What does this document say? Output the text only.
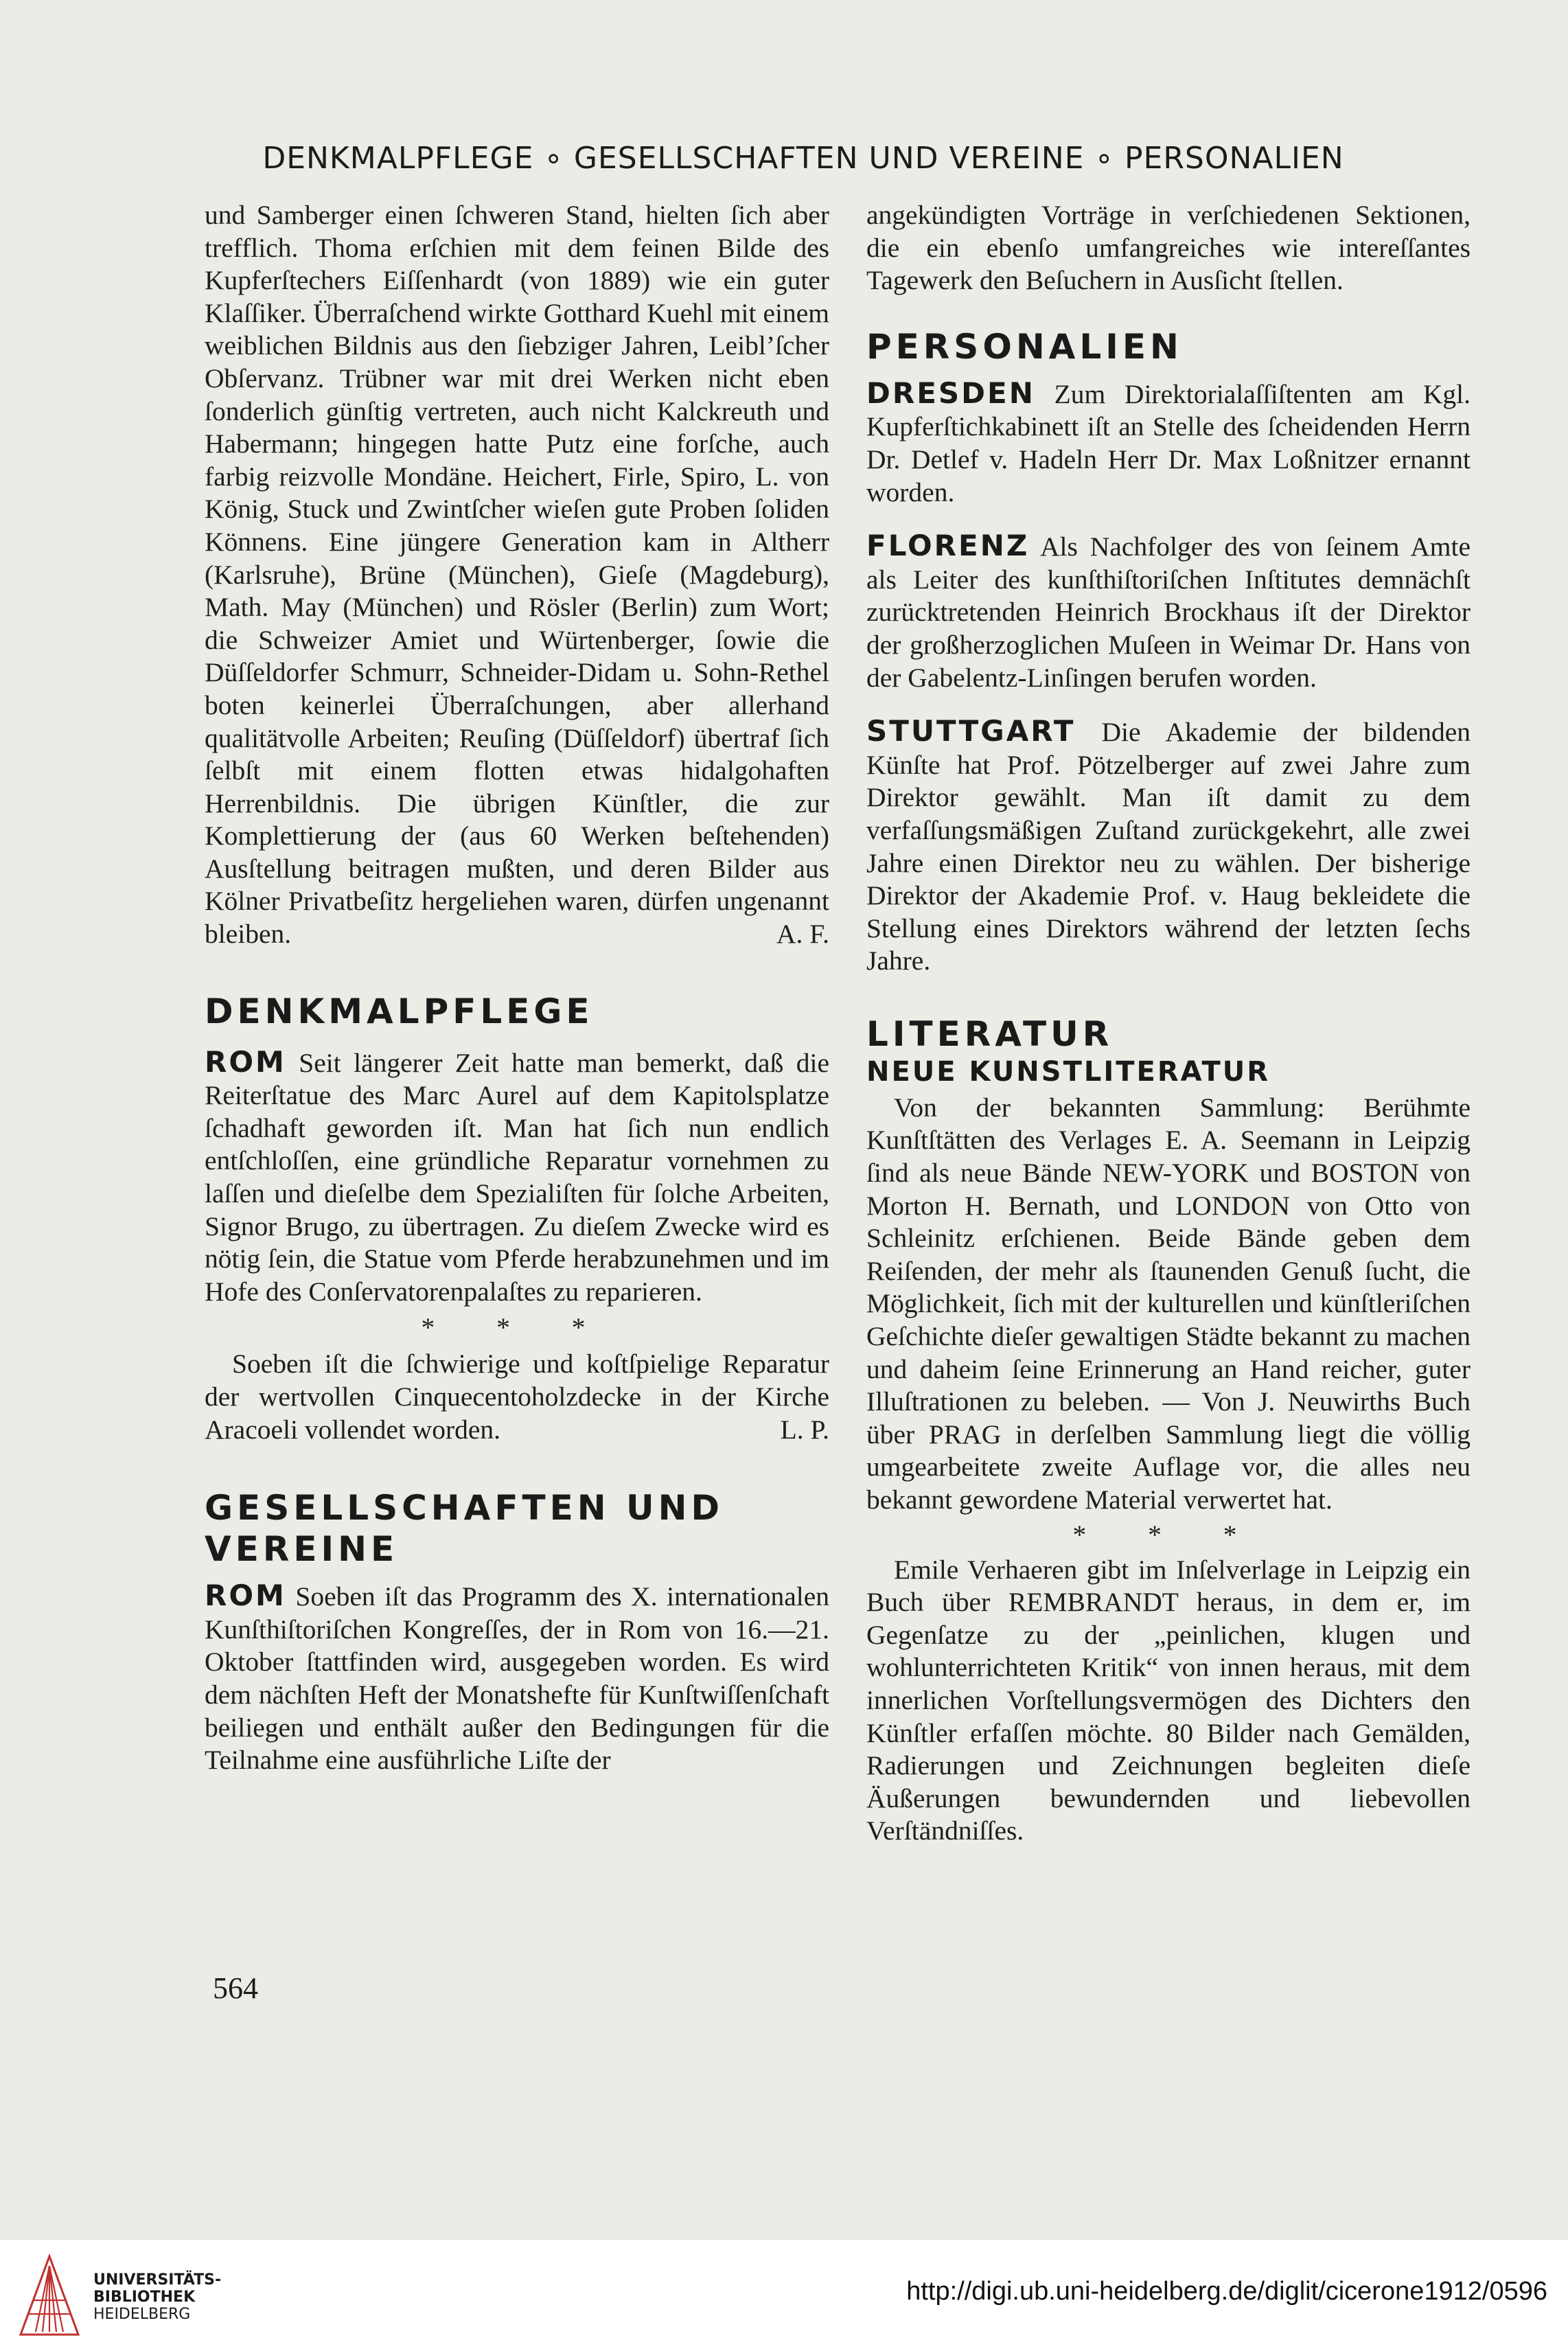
DENKMALPFLEGE ∘ GESELLSCHAFTEN UND VEREINE ∘ PERSONALIEN

und Samberger einen ſchweren Stand, hielten ſich aber trefflich. Thoma erſchien mit dem feinen Bilde des Kupferſtechers Eiſſenhardt (von 1889) wie ein guter Klaſſiker. Überraſchend wirkte Gotthard Kuehl mit einem weiblichen Bildnis aus den ſiebziger Jahren, Leibl’ſcher Obſervanz. Trübner war mit drei Werken nicht eben ſonderlich günſtig vertreten, auch nicht Kalckreuth und Habermann; hingegen hatte Putz eine forſche, auch farbig reizvolle Mondäne. Heichert, Firle, Spiro, L. von König, Stuck und Zwintſcher wieſen gute Proben ſoliden Könnens. Eine jüngere Generation kam in Altherr (Karlsruhe), Brüne (München), Gieſe (Magdeburg), Math. May (München) und Rösler (Berlin) zum Wort; die Schweizer Amiet und Würtenberger, ſowie die Düſſeldorfer Schmurr, Schneider-Didam u. Sohn-Rethel boten keinerlei Überraſchungen, aber allerhand qualitätvolle Arbeiten; Reuſing (Düſſeldorf) übertraf ſich ſelbſt mit einem flotten etwas hidalgohaften Herrenbildnis. Die übrigen Künſtler, die zur Komplettierung der (aus 60 Werken beſtehenden) Ausſtellung beitragen mußten, und deren Bilder aus Kölner Privatbeſitz hergeliehen waren, dürfen ungenannt bleiben.	A. F.

DENKMALPFLEGE

ROM Seit längerer Zeit hatte man bemerkt, daß die Reiterſtatue des Marc Aurel auf dem Kapitolsplatze ſchadhaft geworden iſt. Man hat ſich nun endlich entſchloſſen, eine gründliche Reparatur vornehmen zu laſſen und dieſelbe dem Spezialiſten für ſolche Arbeiten, Signor Brugo, zu übertragen. Zu dieſem Zwecke wird es nötig ſein, die Statue vom Pferde herabzunehmen und im Hofe des Conſervatorenpalaſtes zu reparieren.

* * *

Soeben iſt die ſchwierige und koſtſpielige Reparatur der wertvollen Cinquecentoholzdecke in der Kirche Aracoeli vollendet worden.	L. P.

GESELLSCHAFTEN UND VEREINE

ROM Soeben iſt das Programm des X. internationalen Kunſthiſtoriſchen Kongreſſes, der in Rom von 16.—21. Oktober ſtattfinden wird, ausgegeben worden. Es wird dem nächſten Heft der Monatshefte für Kunſtwiſſenſchaft beiliegen und enthält außer den Bedingungen für die Teilnahme eine ausführliche Liſte der

angekündigten Vorträge in verſchiedenen Sektionen, die ein ebenſo umfangreiches wie intereſſantes Tagewerk den Beſuchern in Ausſicht ſtellen.

PERSONALIEN

DRESDEN Zum Direktorialaſſiſtenten am Kgl. Kupferſtichkabinett iſt an Stelle des ſcheidenden Herrn Dr. Detlef v. Hadeln Herr Dr. Max Loßnitzer ernannt worden.

FLORENZ Als Nachfolger des von ſeinem Amte als Leiter des kunſthiſtoriſchen Inſtitutes demnächſt zurücktretenden Heinrich Brockhaus iſt der Direktor der großherzoglichen Muſeen in Weimar Dr. Hans von der Gabelentz-Linſingen berufen worden.

STUTTGART Die Akademie der bildenden Künſte hat Prof. Pötzelberger auf zwei Jahre zum Direktor gewählt. Man iſt damit zu dem verfaſſungsmäßigen Zuſtand zurückgekehrt, alle zwei Jahre einen Direktor neu zu wählen. Der bisherige Direktor der Akademie Prof. v. Haug bekleidete die Stellung eines Direktors während der letzten ſechs Jahre.

LITERATUR
NEUE KUNSTLITERATUR

Von der bekannten Sammlung: Berühmte Kunſtſtätten des Verlages E. A. Seemann in Leipzig ſind als neue Bände NEW-YORK und BOSTON von Morton H. Bernath, und LONDON von Otto von Schleinitz erſchienen. Beide Bände geben dem Reiſenden, der mehr als ſtaunenden Genuß ſucht, die Möglichkeit, ſich mit der kulturellen und künſtleriſchen Geſchichte dieſer gewaltigen Städte bekannt zu machen und daheim ſeine Erinnerung an Hand reicher, guter Illuſtrationen zu beleben. — Von J. Neuwirths Buch über PRAG in derſelben Sammlung liegt die völlig umgearbeitete zweite Auflage vor, die alles neu bekannt gewordene Material verwertet hat.

* * *

Emile Verhaeren gibt im Inſelverlage in Leipzig ein Buch über REMBRANDT heraus, in dem er, im Gegenſatze zu der „peinlichen, klugen und wohlunterrichteten Kritik“ von innen heraus, mit dem innerlichen Vorſtellungsvermögen des Dichters den Künſtler erfaſſen möchte. 80 Bilder nach Gemälden, Radierungen und Zeichnungen begleiten dieſe Äußerungen bewundernden und liebevollen Verſtändniſſes.

564
UNIVERSITÄTS-
BIBLIOTHEK
HEIDELBERG
http://digi.ub.uni-heidelberg.de/diglit/cicerone1912/0596
